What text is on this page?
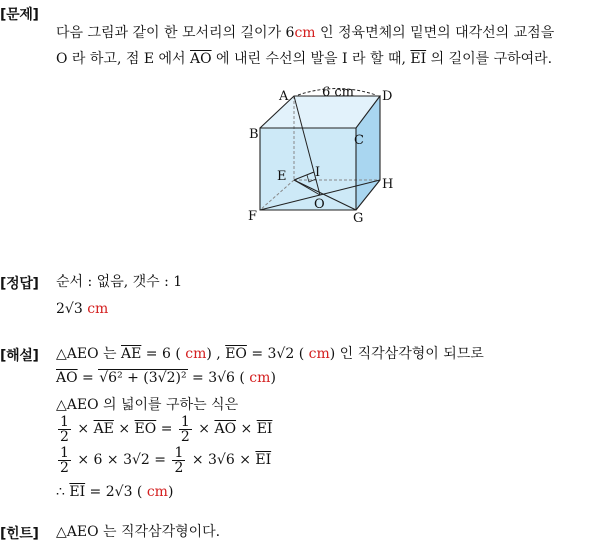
[문제]
다음 그림과 같이 한 모서리의 길이가 6cm 인 정육면체의 밑면의 대각선의 교점을
O 라 하고, 점 E 에서 $\overline{AO}$ 에 내린 수선의 발을 I 라 할 때, $\overline{EI}$ 의 길이를 구하여라.
6 cm
A	D
B	C
E I
H
O
F	G
[정답] 순서 : 없음, 갯수 : 1
2√3 cm
[해설] △AEO 는 $\overline{AE} = 6$ ( cm) , $\overline{EO} = 3√2$ ( cm) 인 직각삼각형이 되므로
$\overline{AO} = √6^2 + (3√2)^2 = 3√6$ ( cm)
△AEO 의 넓이를 구하는 식은
$\frac{1}{2} \times \overline{AE} \times \overline{EO} = \frac{1}{2} \times \overline{AO} \times \overline{EI}$
$\frac{1}{2} \times 6 \times 3√2 = \frac{1}{2} \times 3√6 \times \overline{EI}$
∴ $\overline{EI} = 2√3$ ( cm)
[힌트] △AEO 는 직각삼각형이다.
